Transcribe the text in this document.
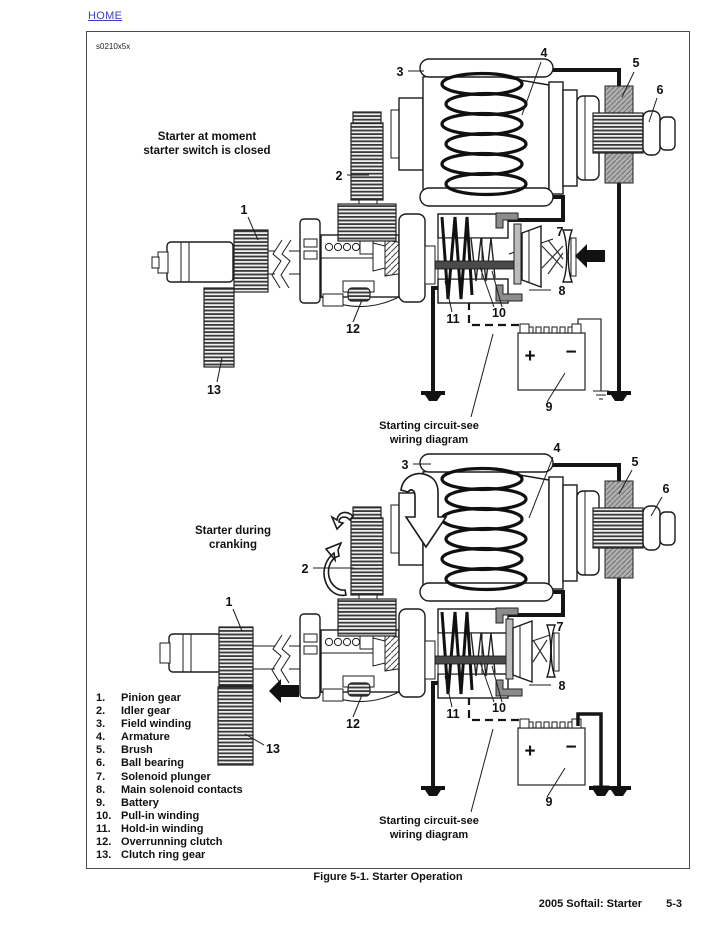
HOME
s0210x5x
Starter at moment
starter switch is closed
1
2
3
4
5
6
13
Starter during
cranking
1
2
3
4
5
6
13
1.	Pinion gear
2.	Idler gear
3.	Field winding
4.	Armature
5.	Brush
6.	Ball bearing
7.	Solenoid plunger
8.	Main solenoid contacts
9.	Battery
10. Pull-in winding
11. Hold-in winding
12. Overrunning clutch
13. Clutch ring gear
Figure 5-1. Starter Operation
2005 Softail: Starter 5-3
